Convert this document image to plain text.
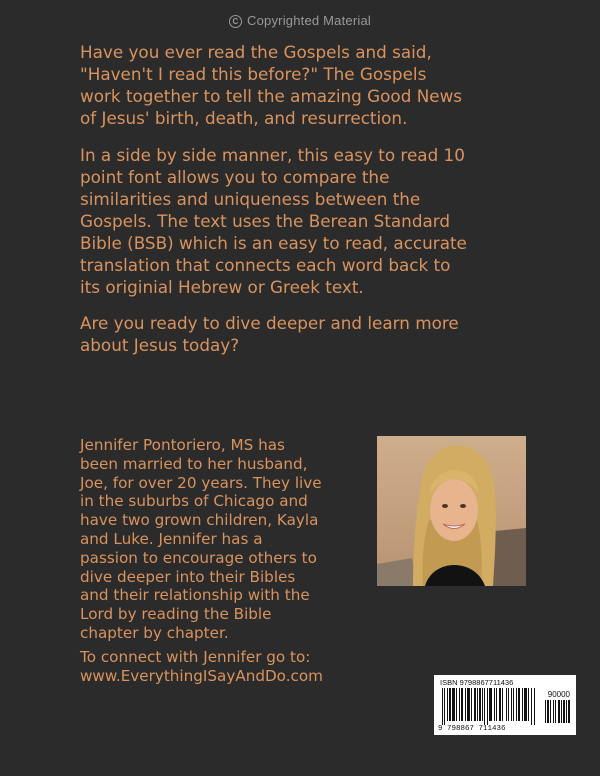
C Copyrighted Material

Have you ever read the Gospels and said,
"Haven't I read this before?" The Gospels
work together to tell the amazing Good News
of Jesus' birth, death, and resurrection.

In a side by side manner, this easy to read 10
point font allows you to compare the
similarities and uniqueness between the
Gospels. The text uses the Berean Standard
Bible (BSB) which is an easy to read, accurate
translation that connects each word back to
its originial Hebrew or Greek text.

Are you ready to dive deeper and learn more
about Jesus today?

Jennifer Pontoriero, MS has
been married to her husband,
Joe, for over 20 years. They live
in the suburbs of Chicago and
have two grown children, Kayla
and Luke. Jennifer has a
passion to encourage others to
dive deeper into their Bibles
and their relationship with the
Lord by reading the Bible
chapter by chapter.

To connect with Jennifer go to:
www.EverythingISayAndDo.com	ISBN 9798867711436
90000
9 798867 711436
